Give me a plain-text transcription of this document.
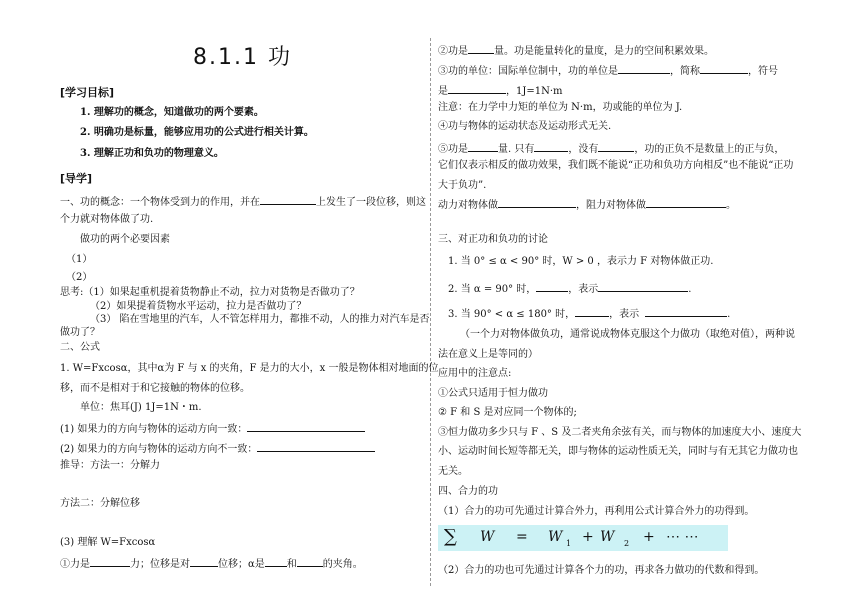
8.1.1 功
[学习目标]
1. 理解功的概念，知道做功的两个要素。
2. 明确功是标量，能够应用功的公式进行相关计算。
3. 理解正功和负功的物理意义。
[导学]
一、功的概念：一个物体受到力的作用，并在	上发生了一段位移，则这
个力就对物体做了功.
做功的两个必要因素
（1）
（2）
思考:（1）如果起重机提着货物静止不动，拉力对货物是否做功了？
（2）如果提着货物水平运动，拉力是否做功了？
（3） 陷在雪地里的汽车，人不管怎样用力，都推不动，人的推力对汽车是否
做功了？
二、公式
1. W=Fxcosα，其中α为 F 与 x 的夹角，F 是力的大小，x 一般是物体相对地面的位
移，而不是相对于和它接触的物体的位移。
单位：焦耳(J) 1J=1N・m.
(1) 如果力的方向与物体的运动方向一致：
(2) 如果力的方向与物体的运动方向不一致：
推导：方法一：分解力
方法二：分解位移
(3) 理解 W=Fxcosα
①力是	力；位移是对	位移；α是 和	的夹角。
②功是	量。功是能量转化的量度，是力的空间积累效果。
③功的单位：国际单位制中，功的单位是	，简称	，符号
是	，1J=1N·m
注意：在力学中力矩的单位为 N·m，功或能的单位为 J.
④功与物体的运动状态及运动形式无关.
⑤功是	量. 只有	，没有	，功的正负不是数量上的正与负，
它们仅表示相反的做功效果，我们既不能说“正功和负功方向相反”也不能说“正功
大于负功”.
动力对物体做	，阻力对物体做	。
三、对正功和负功的讨论
1. 当 0° ≤ α < 90° 时，W > 0 ，表示力 F 对物体做正功.
2. 当 α = 90° 时，	，表示	.
3. 当 90° < α ≤ 180° 时，	，表示	.
（一个力对物体做负功，通常说成物体克服这个力做功（取绝对值），两种说
法在意义上是等同的）
应用中的注意点:
①公式只适用于恒力做功
② F 和 S 是对应同一个物体的;
③恒力做功多少只与 F 、S 及二者夹角余弦有关，而与物体的加速度大小、速度大
小、运动时间长短等都无关，即与物体的运动性质无关，同时与有无其它力做功也
无关。
四、合力的功
（1）合力的功可先通过计算合外力，再利用公式计算合外力的功得到。
∑ W = W 1 + W 2 + ⋯ ⋯
（2）合力的功也可先通过计算各个力的功，再求各力做功的代数和得到。
